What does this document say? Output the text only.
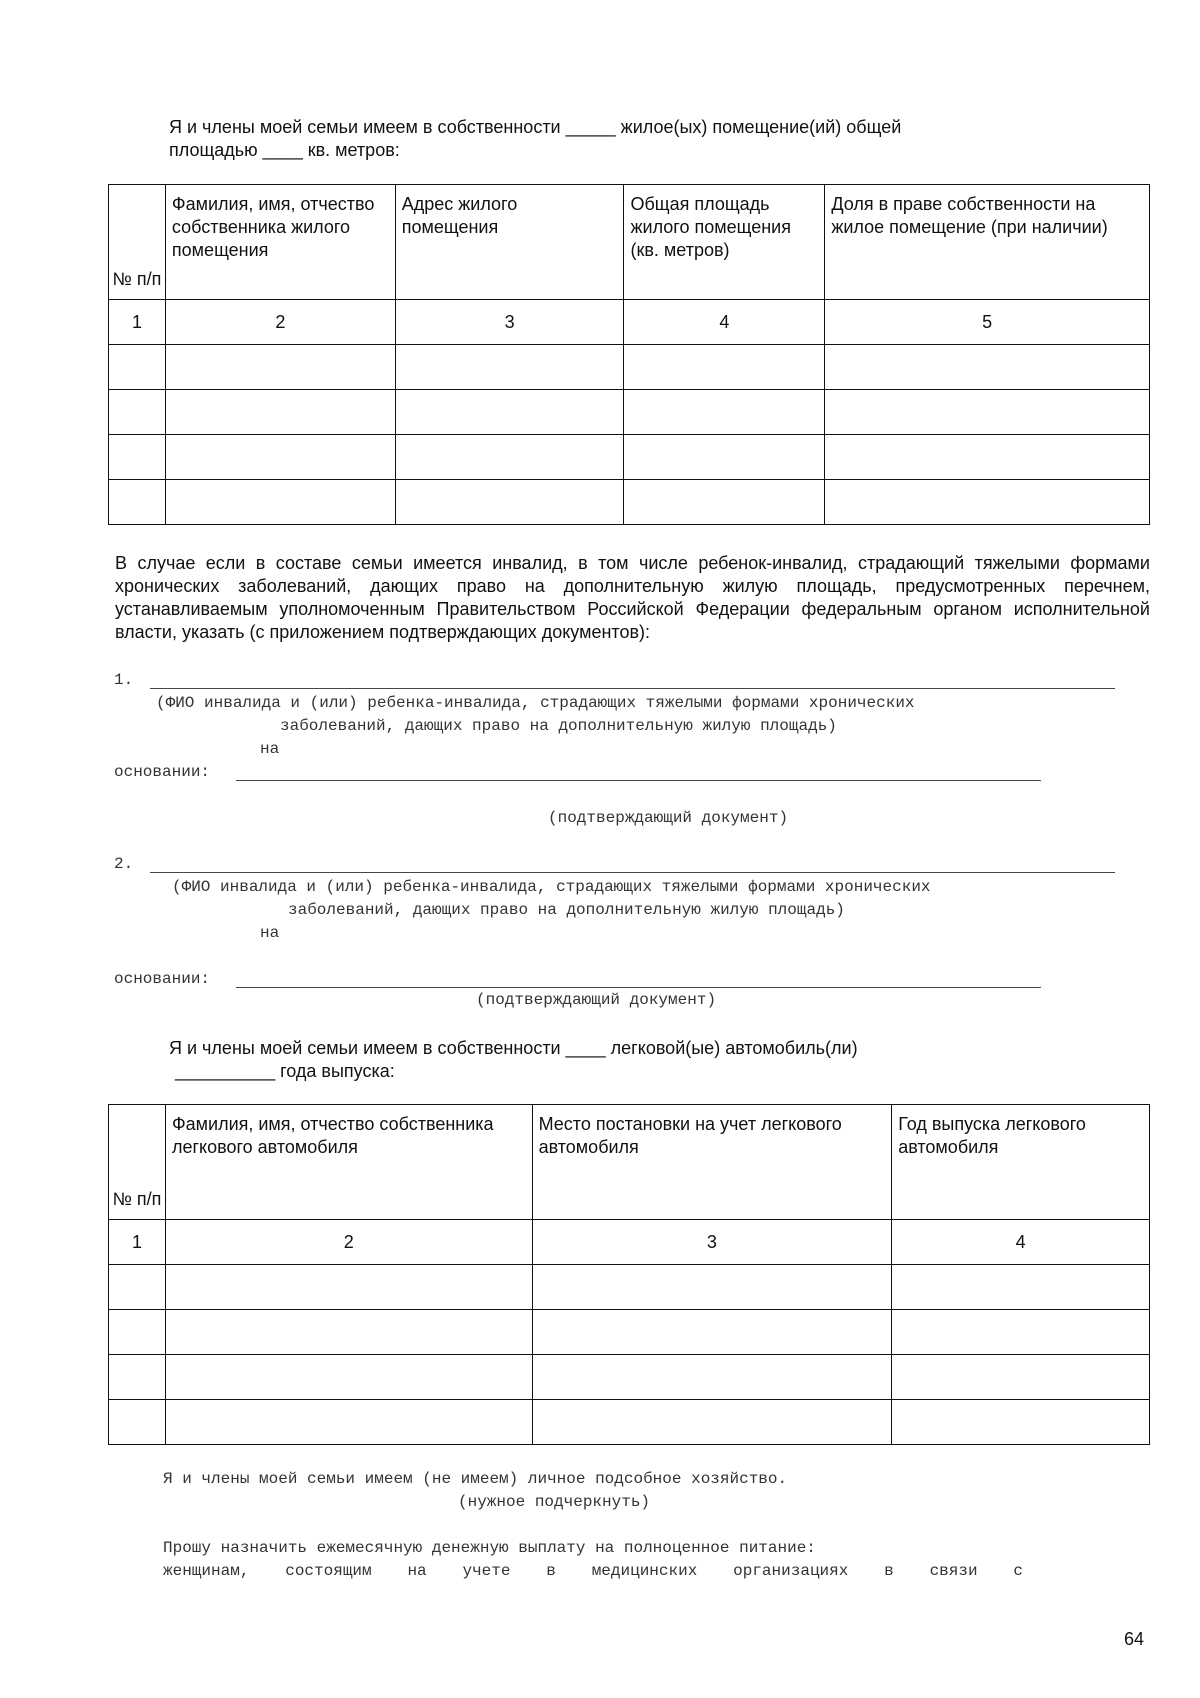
Я и члены моей семьи имеем в собственности _____ жилое(ых) помещение(ий) общей
площадью ____ кв. метров:
№ п/п	Фамилия, имя, отчество собственника жилого помещения	Адрес жилого помещения	Общая площадь жилого помещения (кв. метров)	Доля в праве собственности на жилое помещение (при наличии)
1	2	3	4	5

В случае если в составе семьи имеется инвалид, в том числе ребенок-инвалид, страдающий тяжелыми формами хронических заболеваний, дающих право на дополнительную жилую площадь, предусмотренных перечнем, устанавливаемым уполномоченным Правительством Российской Федерации федеральным органом исполнительной власти, указать (с приложением подтверждающих документов):
1.
(ФИО инвалида и (или) ребенка-инвалида, страдающих тяжелыми формами хронических
заболеваний, дающих право на дополнительную жилую площадь)
на
основании:
(подтверждающий документ)
2.
(ФИО инвалида и (или) ребенка-инвалида, страдающих тяжелыми формами хронических
заболеваний, дающих право на дополнительную жилую площадь)
на
основании:
(подтверждающий документ)
Я и члены моей семьи имеем в собственности ____ легковой(ые) автомобиль(ли)
__________ года выпуска:
№ п/п	Фамилия, имя, отчество собственника легкового автомобиля	Место постановки на учет легкового автомобиля	Год выпуска легкового автомобиля
1	2	3	4

Я и члены моей семьи имеем (не имеем) личное подсобное хозяйство.
(нужное подчеркнуть)
Прошу назначить ежемесячную денежную выплату на полноценное питание:
женщинам, состоящим на учете в медицинских организациях в связи с
64
